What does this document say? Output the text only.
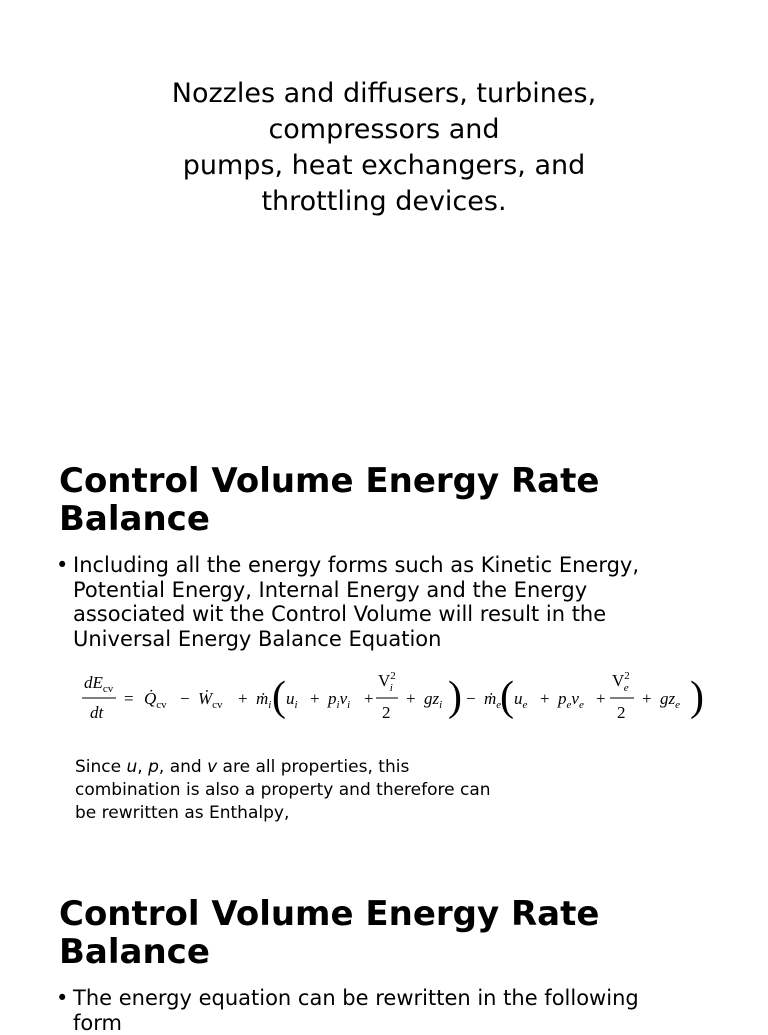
Nozzles and diffusers, turbines,
compressors and
pumps, heat exchangers, and
throttling devices.
Control Volume Energy Rate
Balance
• Including all the energy forms such as Kinetic Energy,
Potential Energy, Internal Energy and the Energy
associated wit the Control Volume will result in the
Universal Energy Balance Equation
$dE_{cv}$
dt
= $Q̇_{cv}$ − Ẇ$_{cv}$ + ṁ$_i$ ( $u_i + p_iv_i$ +
$V^2$ i
2
+ $gz_i$ ) − ṁ$_e$
( $u_e + p_ev_e$ +
$V^2$ e
2
+ $gz_e$ )
Since u, p, and v are all properties, this
combination is also a property and therefore can
be rewritten as Enthalpy,
Control Volume Energy Rate
Balance
• The energy equation can be rewritten in the following
form
